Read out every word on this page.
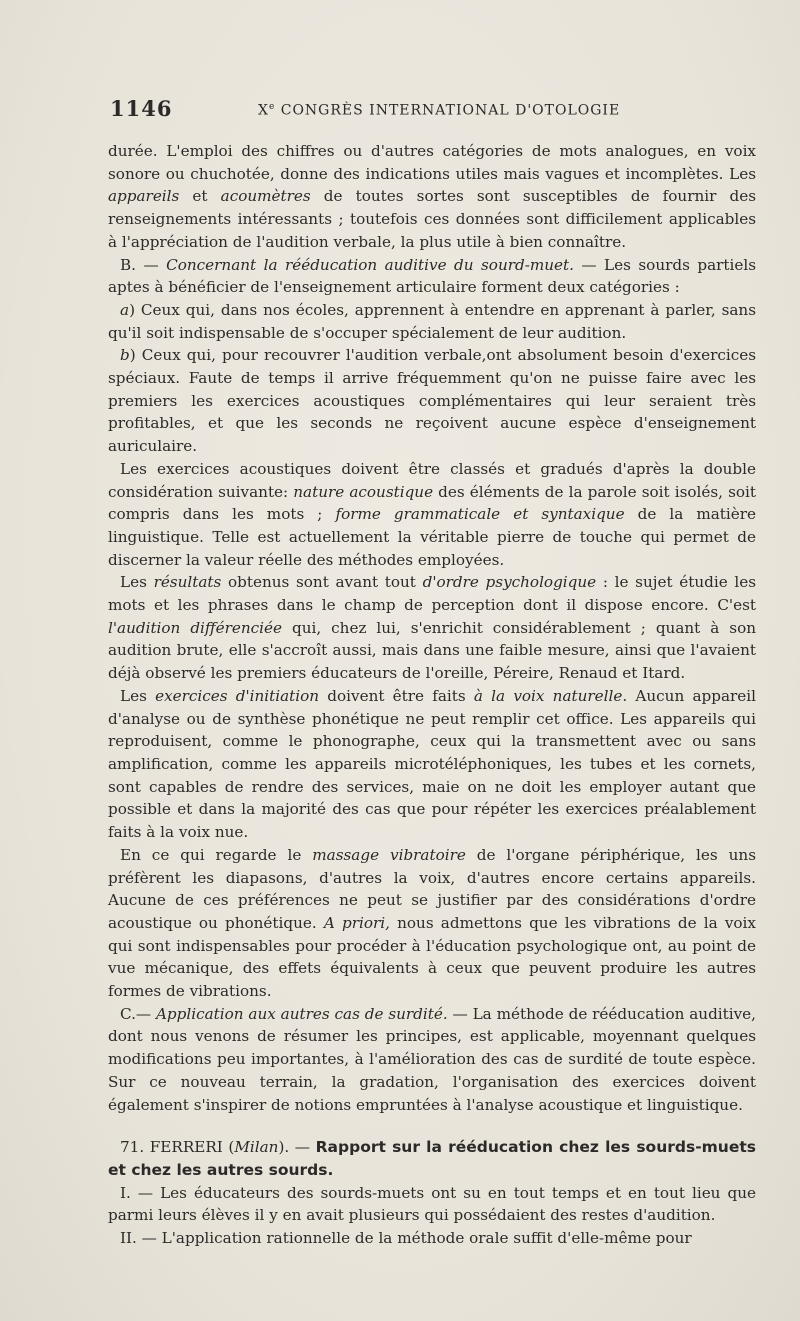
1146	Xe CONGRÈS INTERNATIONAL D'OTOLOGIE

durée. L'emploi des chiffres ou d'autres catégories de mots analogues, en voix sonore ou chuchotée, donne des indications utiles mais vagues et incomplètes. Les appareils et acoumètres de toutes sortes sont susceptibles de fournir des renseignements intéressants ; toutefois ces données sont difficilement applicables à l'appréciation de l'audition verbale, la plus utile à bien connaître.

B. — Concernant la rééducation auditive du sourd-muet. — Les sourds partiels aptes à bénéficier de l'enseignement articulaire forment deux catégories :

a) Ceux qui, dans nos écoles, apprennent à entendre en apprenant à parler, sans qu'il soit indispensable de s'occuper spécialement de leur audition.

b) Ceux qui, pour recouvrer l'audition verbale,ont absolument besoin d'exercices spéciaux. Faute de temps il arrive fréquemment qu'on ne puisse faire avec les premiers les exercices acoustiques complémentaires qui leur seraient très profitables, et que les seconds ne reçoivent aucune espèce d'enseignement auriculaire.

Les exercices acoustiques doivent être classés et gradués d'après la double considération suivante: nature acoustique des éléments de la parole soit isolés, soit compris dans les mots ; forme grammaticale et syntaxique de la matière linguistique. Telle est actuellement la véritable pierre de touche qui permet de discerner la valeur réelle des méthodes employées.

Les résultats obtenus sont avant tout d'ordre psychologique : le sujet étudie les mots et les phrases dans le champ de perception dont il dispose encore. C'est l'audition différenciée qui, chez lui, s'enrichit considérablement ; quant à son audition brute, elle s'accroît aussi, mais dans une faible mesure, ainsi que l'avaient déjà observé les premiers éducateurs de l'oreille, Péreire, Renaud et Itard.

Les exercices d'initiation doivent être faits à la voix naturelle. Aucun appareil d'analyse ou de synthèse phonétique ne peut remplir cet office. Les appareils qui reproduisent, comme le phonographe, ceux qui la transmettent avec ou sans amplification, comme les appareils microtéléphoniques, les tubes et les cornets, sont capables de rendre des services, maie on ne doit les employer autant que possible et dans la majorité des cas que pour répéter les exercices préalablement faits à la voix nue.

En ce qui regarde le massage vibratoire de l'organe périphérique, les uns préfèrent les diapasons, d'autres la voix, d'autres encore certains appareils. Aucune de ces préférences ne peut se justifier par des considérations d'ordre acoustique ou phonétique. A priori, nous admettons que les vibrations de la voix qui sont indispensables pour procéder à l'éducation psychologique ont, au point de vue mécanique, des effets équivalents à ceux que peuvent produire les autres formes de vibrations.

C.— Application aux autres cas de surdité. — La méthode de rééducation auditive, dont nous venons de résumer les principes, est applicable, moyennant quelques modifications peu importantes, à l'amélioration des cas de surdité de toute espèce. Sur ce nouveau terrain, la gradation, l'organisation des exercices doivent également s'inspirer de notions empruntées à l'analyse acoustique et linguistique.

71. FERRERI (Milan). — Rapport sur la rééducation chez les sourds-muets et chez les autres sourds.

I. — Les éducateurs des sourds-muets ont su en tout temps et en tout lieu que parmi leurs élèves il y en avait plusieurs qui possédaient des restes d'audition.

II. — L'application rationnelle de la méthode orale suffit d'elle-même pour
